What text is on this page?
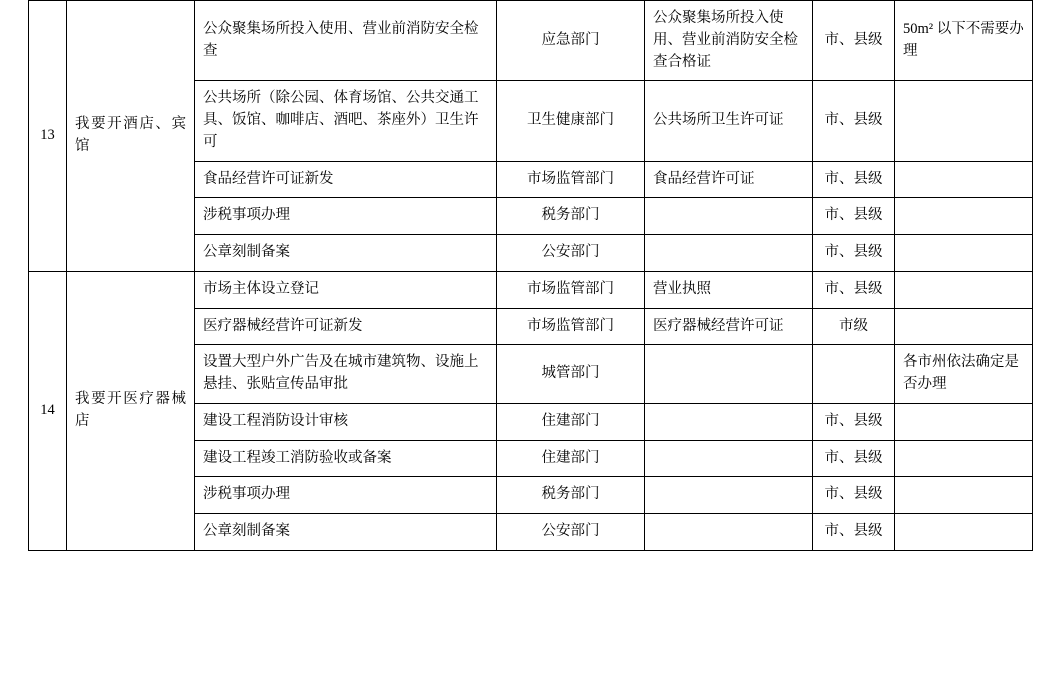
13	我要开酒店、宾馆	公众聚集场所投入使用、营业前消防安全检查	应急部门	公众聚集场所投入使用、营业前消防安全检查合格证	市、县级	50m² 以下不需要办理
		公共场所（除公园、体育场馆、公共交通工具、饭馆、咖啡店、酒吧、茶座外）卫生许可	卫生健康部门	公共场所卫生许可证	市、县级	
		食品经营许可证新发	市场监管部门	食品经营许可证	市、县级	
		涉税事项办理	税务部门		市、县级	
		公章刻制备案	公安部门		市、县级	
14	我要开医疗器械店	市场主体设立登记	市场监管部门	营业执照	市、县级	
		医疗器械经营许可证新发	市场监管部门	医疗器械经营许可证	市级	
		设置大型户外广告及在城市建筑物、设施上悬挂、张贴宣传品审批	城管部门			各市州依法确定是否办理
		建设工程消防设计审核	住建部门		市、县级	
		建设工程竣工消防验收或备案	住建部门		市、县级	
		涉税事项办理	税务部门		市、县级	
		公章刻制备案	公安部门		市、县级	
